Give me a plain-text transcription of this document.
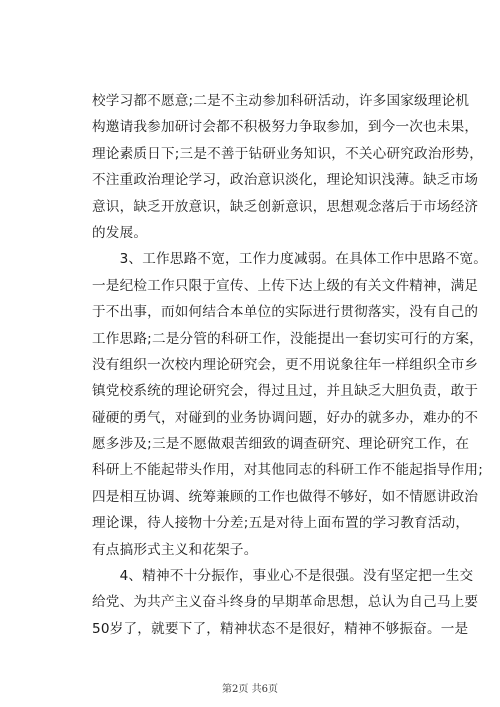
校学习都不愿意;二是不主动参加科研活动，许多国家级理论机
构邀请我参加研讨会都不积极努力争取参加，到今一次也未果，
理论素质日下;三是不善于钻研业务知识，不关心研究政治形势，
不注重政治理论学习，政治意识淡化，理论知识浅薄。缺乏市场
意识，缺乏开放意识，缺乏创新意识，思想观念落后于市场经济
的发展。
　　3、工作思路不宽，工作力度减弱。在具体工作中思路不宽。
一是纪检工作只限于宣传、上传下达上级的有关文件精神，满足
于不出事，而如何结合本单位的实际进行贯彻落实，没有自己的
工作思路;二是分管的科研工作，没能提出一套切实可行的方案，
没有组织一次校内理论研究会，更不用说象往年一样组织全市乡
镇党校系统的理论研究会，得过且过，并且缺乏大胆负责，敢于
碰硬的勇气，对碰到的业务协调问题，好办的就多办，难办的不
愿多涉及;三是不愿做艰苦细致的调查研究、理论研究工作，在
科研上不能起带头作用，对其他同志的科研工作不能起指导作用;
四是相互协调、统筹兼顾的工作也做得不够好，如不情愿讲政治
理论课，待人接物十分差;五是对待上面布置的学习教育活动，
有点搞形式主义和花架子。
　　4、精神不十分振作，事业心不是很强。没有坚定把一生交
给党、为共产主义奋斗终身的早期革命思想，总认为自己马上要
50岁了，就要下了，精神状态不是很好，精神不够振奋。一是
第2页 共6页
